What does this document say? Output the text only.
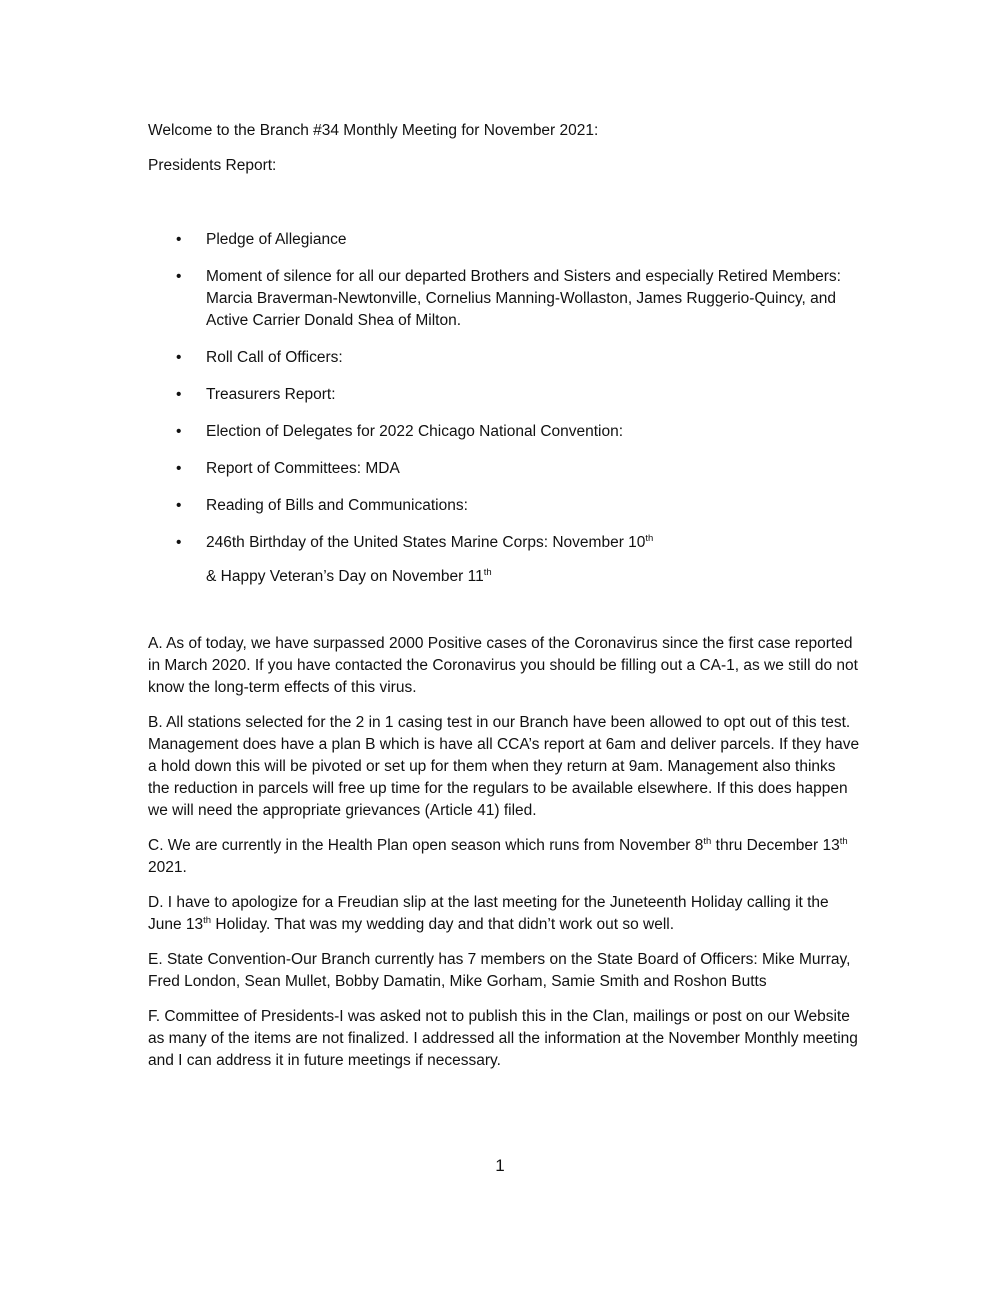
Welcome to the Branch #34 Monthly Meeting for November 2021:

Presidents Report:

• Pledge of Allegiance
• Moment of silence for all our departed Brothers and Sisters and especially Retired Members: Marcia Braverman-Newtonville, Cornelius Manning-Wollaston, James Ruggerio-Quincy, and Active Carrier Donald Shea of Milton.
• Roll Call of Officers:
• Treasurers Report:
• Election of Delegates for 2022 Chicago National Convention:
• Report of Committees: MDA
• Reading of Bills and Communications:
• 246th Birthday of the United States Marine Corps: November 10th
& Happy Veteran’s Day on November 11th

A. As of today, we have surpassed 2000 Positive cases of the Coronavirus since the first case reported in March 2020. If you have contacted the Coronavirus you should be filling out a CA-1, as we still do not know the long-term effects of this virus.

B. All stations selected for the 2 in 1 casing test in our Branch have been allowed to opt out of this test. Management does have a plan B which is have all CCA’s report at 6am and deliver parcels. If they have a hold down this will be pivoted or set up for them when they return at 9am. Management also thinks the reduction in parcels will free up time for the regulars to be available elsewhere. If this does happen we will need the appropriate grievances (Article 41) filed.

C. We are currently in the Health Plan open season which runs from November 8th thru December 13th 2021.

D. I have to apologize for a Freudian slip at the last meeting for the Juneteenth Holiday calling it the June 13th Holiday. That was my wedding day and that didn’t work out so well.

E. State Convention-Our Branch currently has 7 members on the State Board of Officers: Mike Murray, Fred London, Sean Mullet, Bobby Damatin, Mike Gorham, Samie Smith and Roshon Butts

F. Committee of Presidents-I was asked not to publish this in the Clan, mailings or post on our Website as many of the items are not finalized. I addressed all the information at the November Monthly meeting and I can address it in future meetings if necessary.

1
